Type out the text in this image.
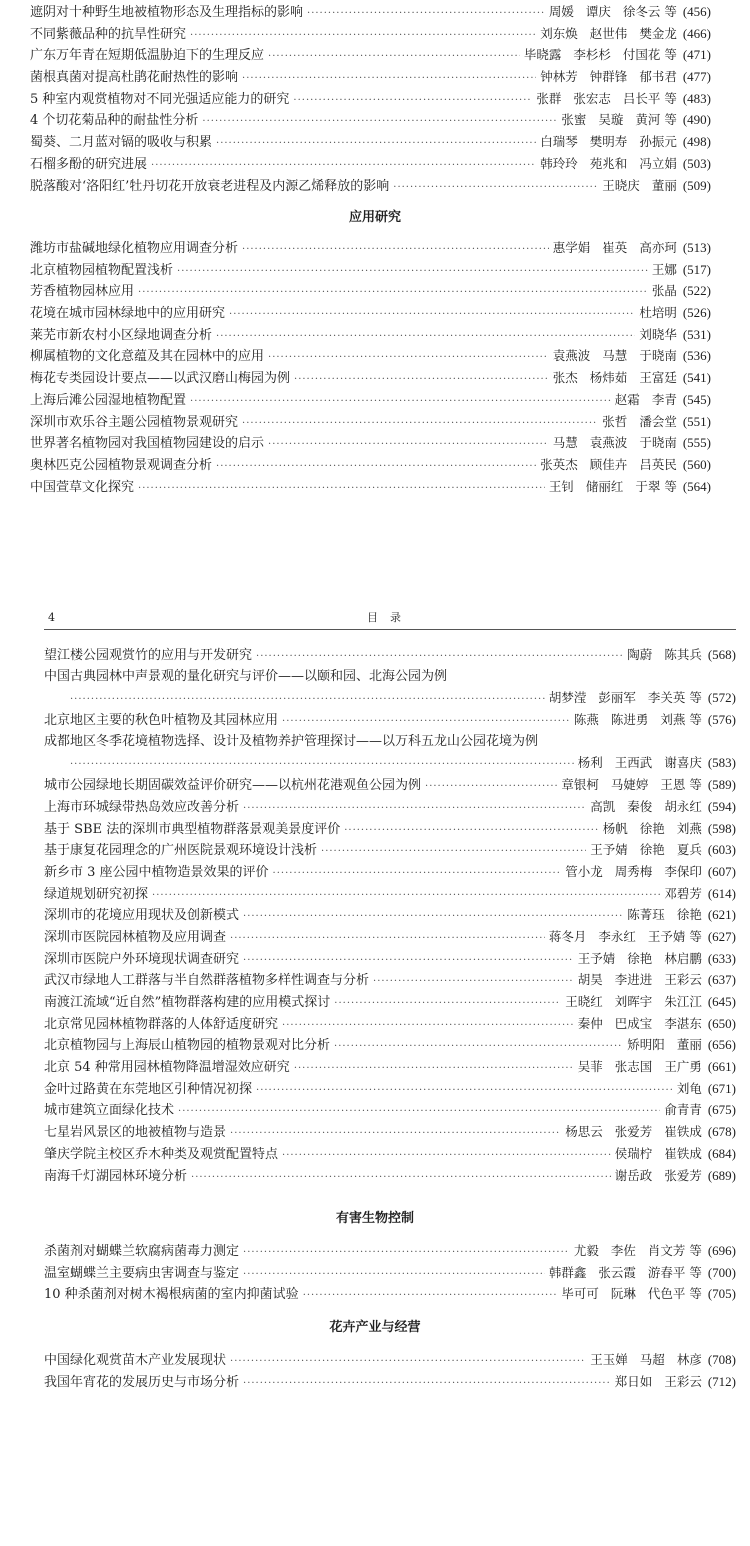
遮阴对十种野生地被植物形态及生理指标的影响 ·····	周媛 谭庆 徐冬云 等 (456)
不同紫薇品种的抗旱性研究 ·····	刘东焕 赵世伟 樊金龙 (466)
广东万年青在短期低温胁迫下的生理反应 ·····	毕晓露 李杉杉 付国花 等 (471)
菌根真菌对提高杜鹃花耐热性的影响 ·····	钟林芳 钟群锋 郁书君 (477)
5 种室内观赏植物对不同光强适应能力的研究 ·····	张群 张宏志 吕长平 等 (483)
4 个切花菊品种的耐盐性分析 ·····	张蜜 吴璇 黄河 等 (490)
蜀葵、二月蓝对镉的吸收与积累 ·····	白瑞琴 樊明寿 孙振元 (498)
石榴多酚的研究进展 ·····	韩玲玲 苑兆和 冯立娟 (503)
脱落酸对‘洛阳红’牡丹切花开放衰老进程及内源乙烯释放的影响 ·····	王晓庆 董丽 (509)
应用研究
潍坊市盐碱地绿化植物应用调查分析 ·····	惠学娟 崔英 高亦珂 (513)
北京植物园植物配置浅析 ·····	王娜 (517)
芳香植物园林应用 ·····	张晶 (522)
花境在城市园林绿地中的应用研究 ·····	杜培明 (526)
莱芜市新农村小区绿地调查分析 ·····	刘晓华 (531)
柳属植物的文化意蕴及其在园林中的应用 ·····	袁燕波 马慧 于晓南 (536)
梅花专类园设计要点——以武汉磨山梅园为例 ·····	张杰 杨炜茹 王富廷 (541)
上海后滩公园湿地植物配置 ·····	赵霜 李青 (545)
深圳市欢乐谷主题公园植物景观研究 ·····	张哲 潘会堂 (551)
世界著名植物园对我国植物园建设的启示 ·····	马慧 袁燕波 于晓南 (555)
奥林匹克公园植物景观调查分析 ·····	张英杰 顾佳卉 吕英民 (560)
中国萱草文化探究 ·····	王钊 储丽红 于翠 等 (564)
4	目录
望江楼公园观赏竹的应用与开发研究 ·····	陶蔚 陈其兵 (568)
中国古典园林中声景观的量化研究与评价——以颐和园、北海公园为例
·····
胡梦滢 彭丽军 李关英 等 (572)
北京地区主要的秋色叶植物及其园林应用 ·····	陈燕 陈进勇 刘燕 等 (576)
成都地区冬季花境植物选择、设计及植物养护管理探讨——以万科五龙山公园花境为例
·····
杨利 王西武 谢喜庆 (583)
城市公园绿地长期固碳效益评价研究——以杭州花港观鱼公园为例 ·····	章银柯 马婕婷 王恩 等 (589)
上海市环城绿带热岛效应改善分析 ·····	高凯 秦俊 胡永红 (594)
基于 SBE 法的深圳市典型植物群落景观美景度评价 ·····	杨帆 徐艳 刘燕 (598)
基于康复花园理念的广州医院景观环境设计浅析 ·····	王予婧 徐艳 夏兵 (603)
新乡市 3 座公园中植物造景效果的评价 ·····	管小龙 周秀梅 李保印 (607)
绿道规划研究初探 ·····	邓碧芳 (614)
深圳市的花境应用现状及创新模式 ·····	陈菁珏 徐艳 (621)
深圳市医院园林植物及应用调查 ·····	蒋冬月 李永红 王予婧 等 (627)
深圳市医院户外环境现状调查研究 ·····	王予婧 徐艳 林启鹏 (633)
武汉市绿地人工群落与半自然群落植物多样性调查与分析 ·····	胡昊 李进进 王彩云 (637)
南渡江流域“近自然”植物群落构建的应用模式探讨 ·····	王晓红 刘晖宇 朱江江 (645)
北京常见园林植物群落的人体舒适度研究 ·····	秦仲 巴成宝 李湛东 (650)
北京植物园与上海辰山植物园的植物景观对比分析 ·····	矫明阳 董丽 (656)
北京 54 种常用园林植物降温增湿效应研究 ·····	吴菲 张志国 王广勇 (661)
金叶过路黄在东莞地区引种情况初探 ·····	刘龟 (671)
城市建筑立面绿化技术 ·····	俞青青 (675)
七星岩风景区的地被植物与造景 ·····	杨思云 张爱芳 崔铁成 (678)
肇庆学院主校区乔木种类及观赏配置特点 ·····	侯瑞柠 崔铁成 (684)
南海千灯湖园林环境分析 ·····	谢岳政 张爱芳 (689)
有害生物控制
杀菌剂对蝴蝶兰软腐病菌毒力测定 ·····	尤毅 李佐 肖文芳 等 (696)
温室蝴蝶兰主要病虫害调查与鉴定 ·····	韩群鑫 张云霞 游春平 等 (700)
10 种杀菌剂对树木褐根病菌的室内抑菌试验 ·····	毕可可 阮琳 代色平 等 (705)
花卉产业与经营
中国绿化观赏苗木产业发展现状 ·····	王玉婵 马超 林彦 (708)
我国年宵花的发展历史与市场分析 ·····	郑日如 王彩云 (712)
